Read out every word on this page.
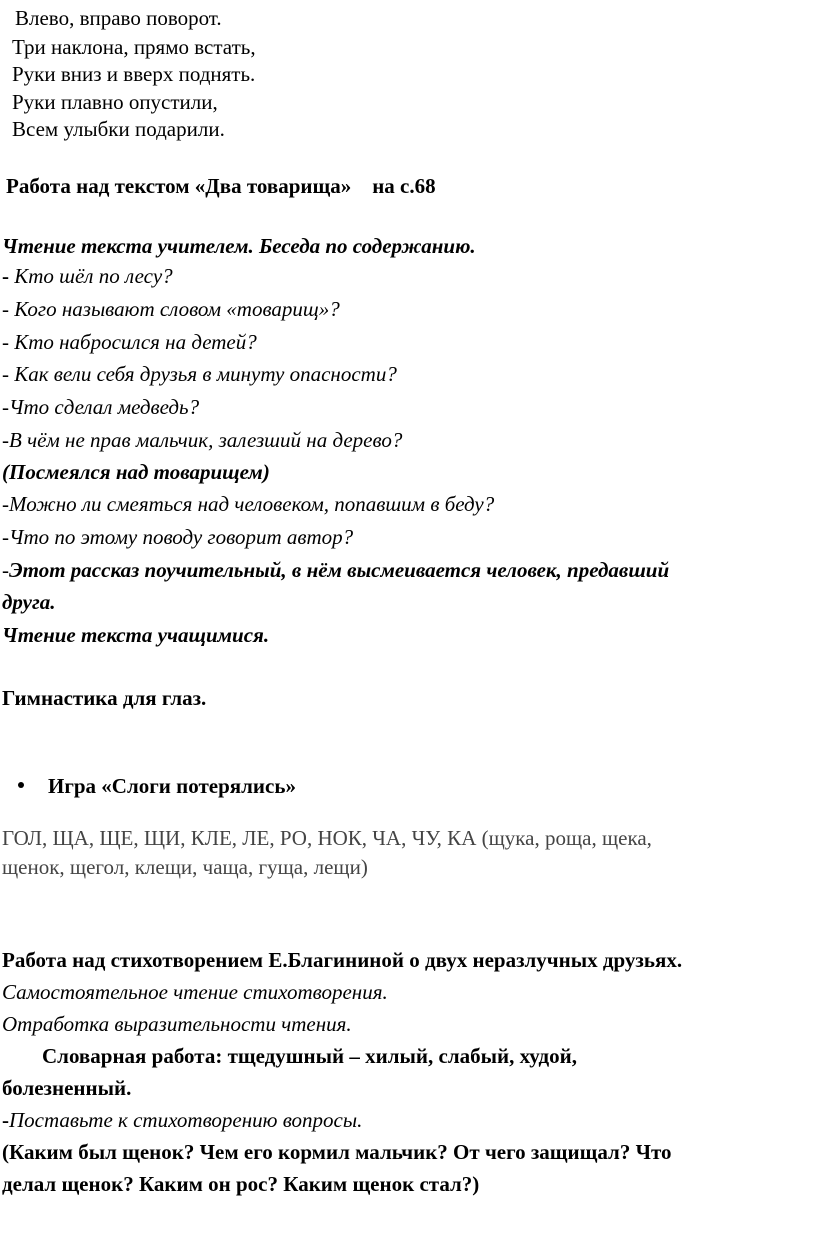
Влево, вправо поворот.
Три наклона, прямо встать,
Руки вниз и вверх поднять.
Руки плавно опустили,
Всем улыбки подарили.
Работа над текстом «Два товарища»    на с.68
Чтение текста учителем. Беседа по содержанию.
- Кто шёл по лесу?
- Кого называют словом «товарищ»?
- Кто набросился на детей?
- Как вели себя друзья в минуту опасности?
-Что сделал медведь?
-В чём не прав мальчик, залезший на дерево?
(Посмеялся над товарищем)
-Можно ли смеяться над человеком, попавшим в беду?
-Что по этому поводу говорит автор?
-Этот рассказ поучительный, в нём высмеивается человек, предавший
друга.
Чтение текста учащимися.
Гимнастика для глаз.
Игра «Слоги потерялись»
ГОЛ, ЩА, ЩЕ, ЩИ, КЛЕ, ЛЕ, РО, НОК, ЧА, ЧУ, КА (щука, роща, щека,
щенок, щегол, клещи, чаща, гуща, лещи)
Работа над стихотворением Е.Благининой о двух неразлучных друзьях.
Самостоятельное чтение стихотворения.
Отработка выразительности чтения.
Словарная работа: тщедушный – хилый, слабый, худой,
болезненный.
-Поставьте к стихотворению вопросы.
(Каким был щенок? Чем его кормил мальчик? От чего защищал? Что
делал щенок? Каким он рос? Каким щенок стал?)
